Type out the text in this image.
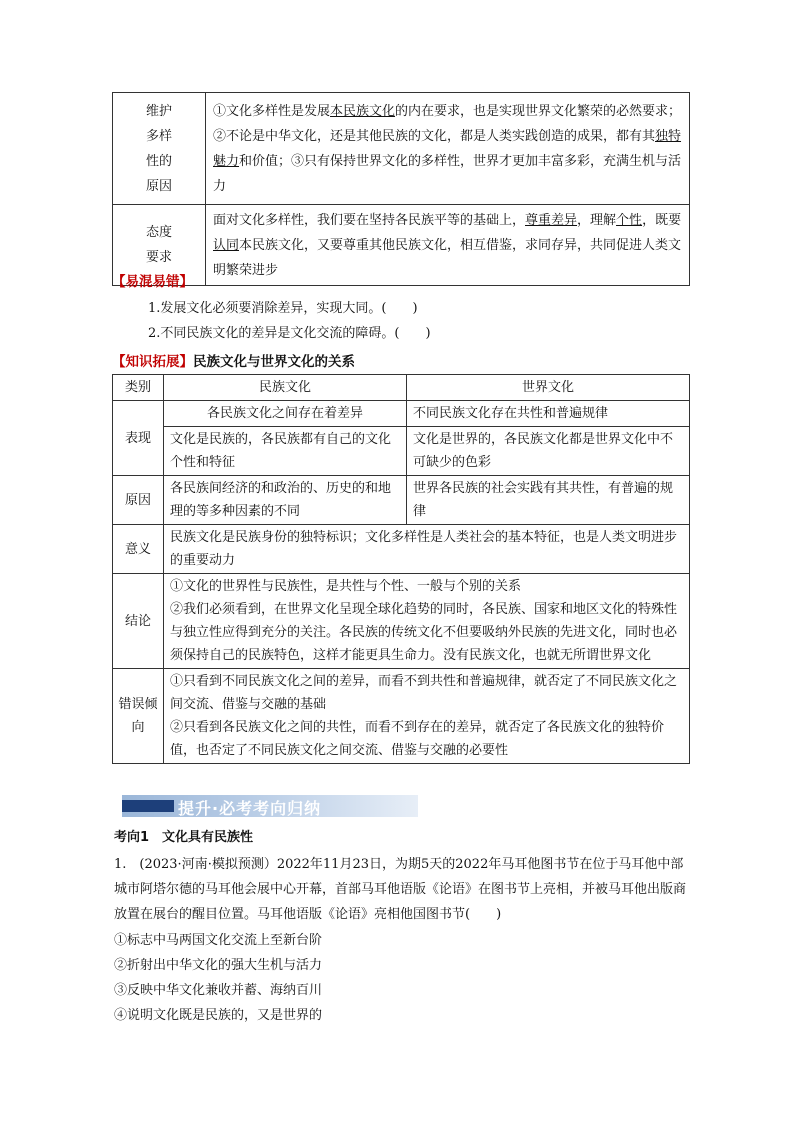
维护
多样
性的
原因	①文化多样性是发展本民族文化的内在要求，也是实现世界文化繁荣的必然要求；②不论是中华文化，还是其他民族的文化，都是人类实践创造的成果，都有其独特魅力和价值；③只有保持世界文化的多样性，世界才更加丰富多彩，充满生机与活力
态度
要求	面对文化多样性，我们要在坚持各民族平等的基础上，尊重差异，理解个性，既要认同本民族文化，又要尊重其他民族文化，相互借鉴，求同存异，共同促进人类文明繁荣进步
【易混易错】
1.发展文化必须要消除差异，实现大同。(　　)
2.不同民族文化的差异是文化交流的障碍。(　　)
【知识拓展】民族文化与世界文化的关系
类别	民族文化	世界文化
表现	各民族文化之间存在着差异	不同民族文化存在共性和普遍规律
	文化是民族的，各民族都有自己的文化个性和特征	文化是世界的，各民族文化都是世界文化中不可缺少的色彩
原因	各民族间经济的和政治的、历史的和地理的等多种因素的不同	世界各民族的社会实践有其共性，有普遍的规律
意义	民族文化是民族身份的独特标识；文化多样性是人类社会的基本特征，也是人类文明进步的重要动力	
结论	①文化的世界性与民族性，是共性与个性、一般与个别的关系
②我们必须看到，在世界文化呈现全球化趋势的同时，各民族、国家和地区文化的特殊性与独立性应得到充分的关注。各民族的传统文化不但要吸纳外民族的先进文化，同时也必须保持自己的民族特色，这样才能更具生命力。没有民族文化，也就无所谓世界文化	

错误倾向	①只看到不同民族文化之间的差异，而看不到共性和普遍规律，就否定了不同民族文化之间交流、借鉴与交融的基础
②只看到各民族文化之间的共性，而看不到存在的差异，就否定了各民族文化的独特价值，也否定了不同民族文化之间交流、借鉴与交融的必要性	
提升·必考考向归纳
考向1　文化具有民族性
1.　(2023·河南·模拟预测）2022年11月23日，为期5天的2022年马耳他图书节在位于马耳他中部城市阿塔尔德的马耳他会展中心开幕，首部马耳他语版《论语》在图书节上亮相，并被马耳他出版商放置在展台的醒目位置。马耳他语版《论语》亮相他国图书节(　　)
①标志中马两国文化交流上至新台阶
②折射出中华文化的强大生机与活力
③反映中华文化兼收并蓄、海纳百川
④说明文化既是民族的，又是世界的
